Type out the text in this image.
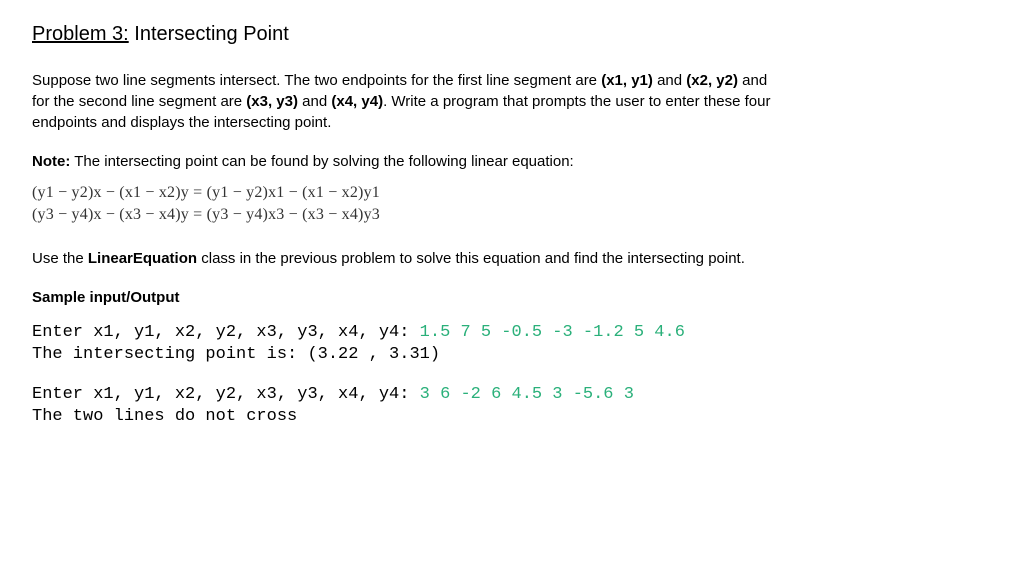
Problem 3: Intersecting Point

Suppose two line segments intersect. The two endpoints for the first line segment are (x1, y1) and (x2, y2) and for the second line segment are (x3, y3) and (x4, y4). Write a program that prompts the user to enter these four endpoints and displays the intersecting point.

Note: The intersecting point can be found by solving the following linear equation:

(y1 − y2)x − (x1 − x2)y = (y1 − y2)x1 − (x1 − x2)y1
(y3 − y4)x − (x3 − x4)y = (y3 − y4)x3 − (x3 − x4)y3

Use the LinearEquation class in the previous problem to solve this equation and find the intersecting point.

Sample input/Output

Enter x1, y1, x2, y2, x3, y3, x4, y4: 1.5 7 5 -0.5 -3 -1.2 5 4.6
The intersecting point is: (3.22 , 3.31)
Enter x1, y1, x2, y2, x3, y3, x4, y4: 3 6 -2 6 4.5 3 -5.6 3
The two lines do not cross
